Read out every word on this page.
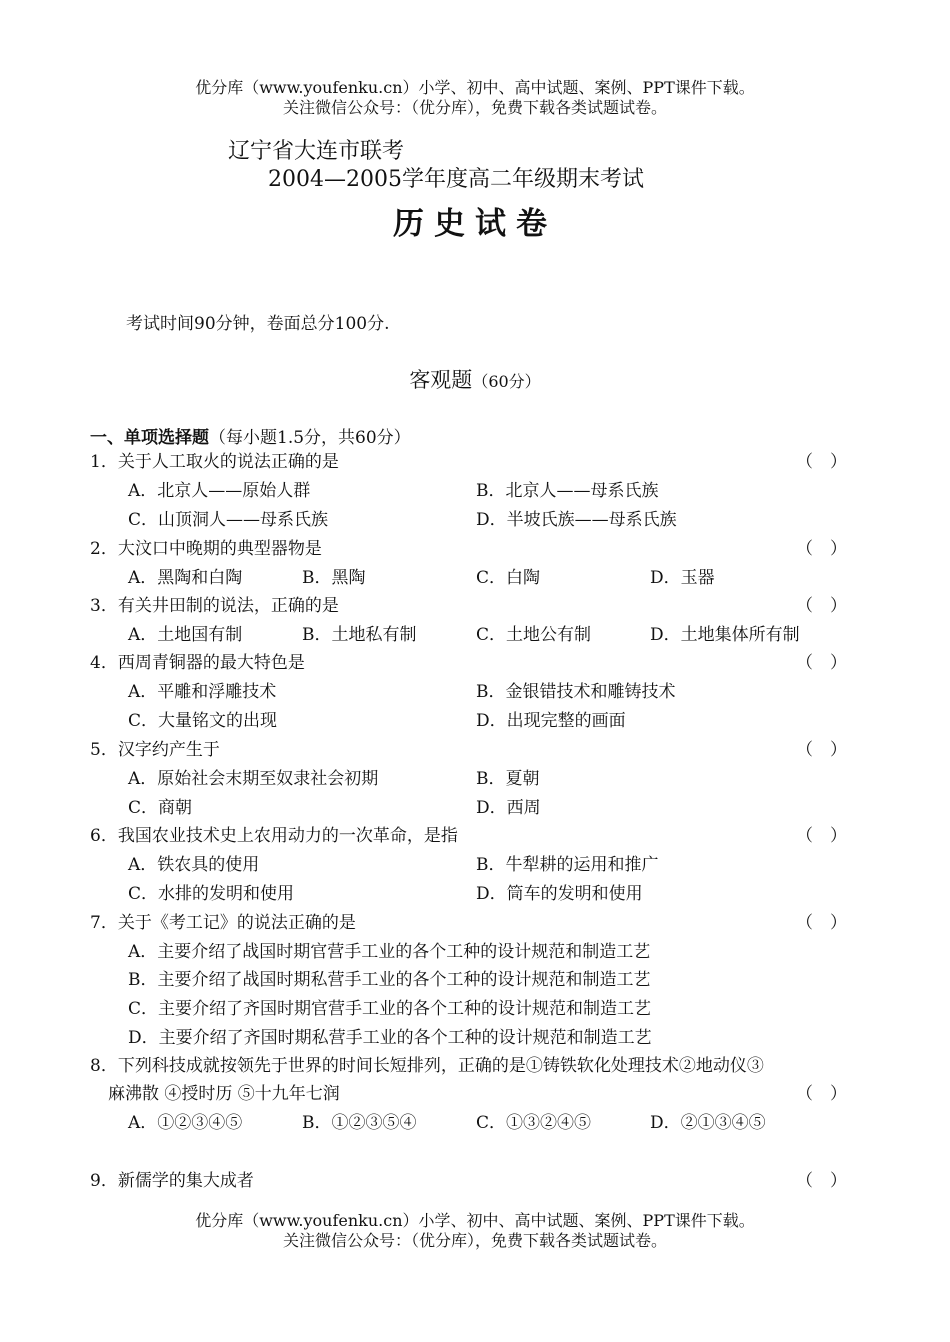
优分库（www.youfenku.cn）小学、初中、高中试题、案例、PPT课件下载。
关注微信公众号：（优分库），免费下载各类试题试卷。
辽宁省大连市联考
2004—2005学年度高二年级期末考试
历史试卷
考试时间90分钟，卷面总分100分.
客观题（60分）
一、单项选择题（每小题1.5分，共60分）
1．关于人工取火的说法正确的是	（　）
A．北京人——原始人群	B．北京人——母系氏族
C．山顶洞人——母系氏族	D．半坡氏族——母系氏族
2．大汶口中晚期的典型器物是	（　）
A．黑陶和白陶	B．黑陶	C．白陶	D．玉器
3．有关井田制的说法，正确的是	（　）
A．土地国有制	B．土地私有制	C．土地公有制	D．土地集体所有制
4．西周青铜器的最大特色是	（　）
A．平雕和浮雕技术	B．金银错技术和雕铸技术
C．大量铭文的出现	D．出现完整的画面
5．汉字约产生于	（　）
A．原始社会末期至奴隶社会初期	B．夏朝
C．商朝	D．西周
6．我国农业技术史上农用动力的一次革命，是指	（　）
A．铁农具的使用	B．牛犁耕的运用和推广
C．水排的发明和使用	D．筒车的发明和使用
7．关于《考工记》的说法正确的是	（　）
A．主要介绍了战国时期官营手工业的各个工种的设计规范和制造工艺
B．主要介绍了战国时期私营手工业的各个工种的设计规范和制造工艺
C．主要介绍了齐国时期官营手工业的各个工种的设计规范和制造工艺
D．主要介绍了齐国时期私营手工业的各个工种的设计规范和制造工艺
8．下列科技成就按领先于世界的时间长短排列，正确的是①铸铁软化处理技术②地动仪③
麻沸散 ④授时历 ⑤十九年七润	（　）
A．①②③④⑤	B．①②③⑤④	C．①③②④⑤	D．②①③④⑤
9．新儒学的集大成者	（　）
优分库（www.youfenku.cn）小学、初中、高中试题、案例、PPT课件下载。
关注微信公众号：（优分库），免费下载各类试题试卷。
